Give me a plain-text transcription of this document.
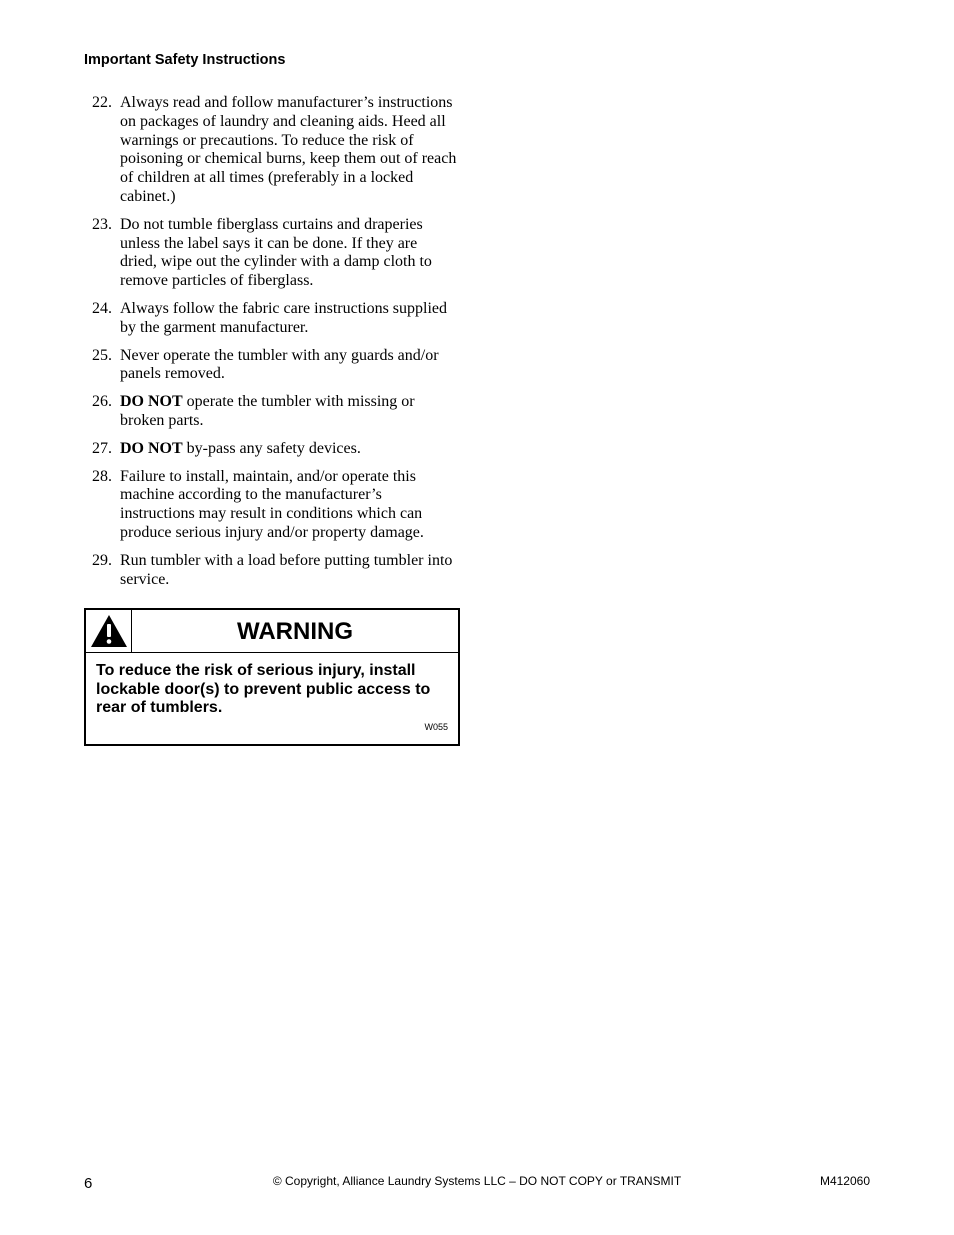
Important Safety Instructions
22. Always read and follow manufacturer’s instructions on packages of laundry and cleaning aids. Heed all warnings or precautions. To reduce the risk of poisoning or chemical burns, keep them out of reach of children at all times (preferably in a locked cabinet.)
23. Do not tumble fiberglass curtains and draperies unless the label says it can be done. If they are dried, wipe out the cylinder with a damp cloth to remove particles of fiberglass.
24. Always follow the fabric care instructions supplied by the garment manufacturer.
25. Never operate the tumbler with any guards and/or panels removed.
26. DO NOT operate the tumbler with missing or broken parts.
27. DO NOT by-pass any safety devices.
28. Failure to install, maintain, and/or operate this machine according to the manufacturer’s instructions may result in conditions which can produce serious injury and/or property damage.
29. Run tumbler with a load before putting tumbler into service.
WARNING
To reduce the risk of serious injury, install lockable door(s) to prevent public access to rear of tumblers.
W055
6	© Copyright, Alliance Laundry Systems LLC – DO NOT COPY or TRANSMIT	M412060
